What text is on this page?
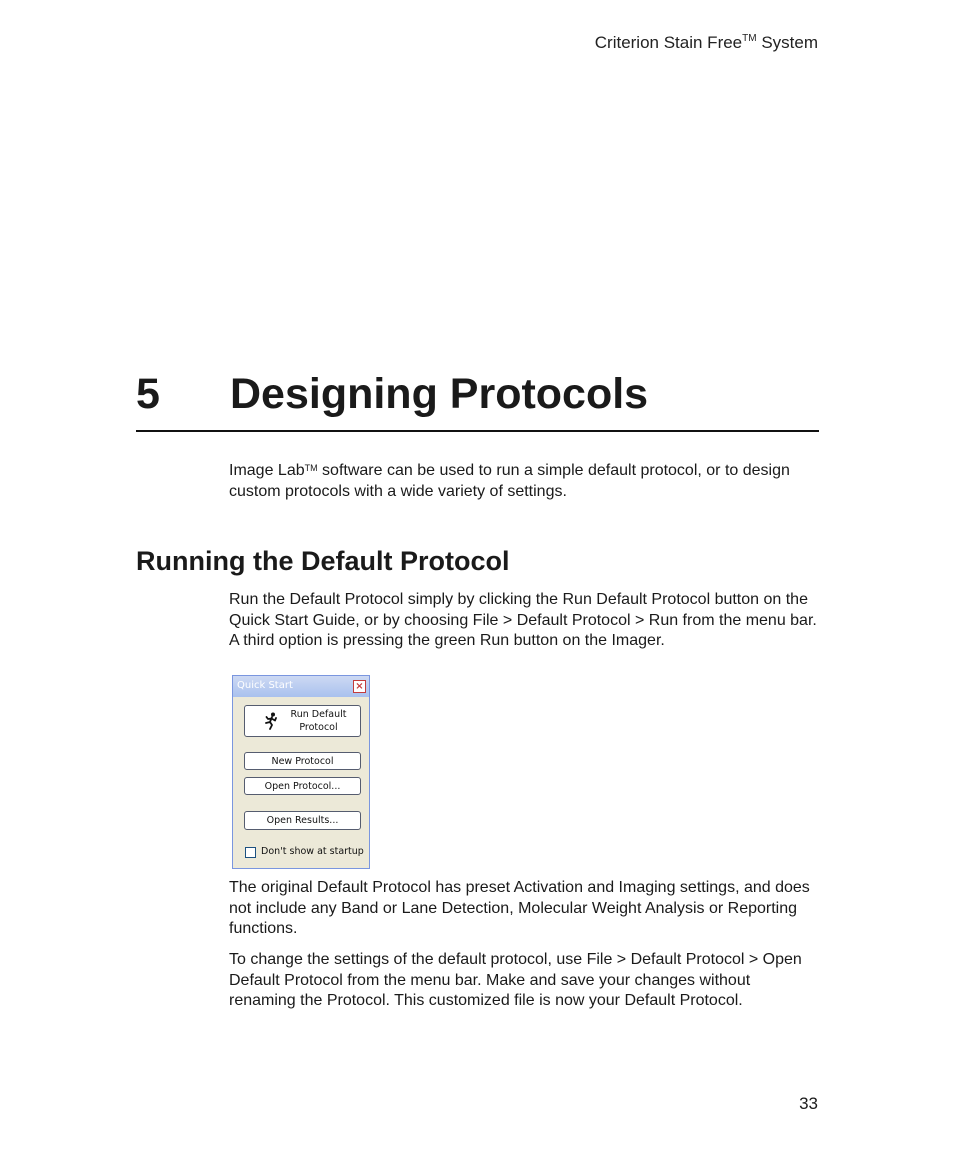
Criterion Stain Free™ System
5 Designing Protocols
Image Lab™ software can be used to run a simple default protocol, or to design custom protocols with a wide variety of settings.
Running the Default Protocol
Run the Default Protocol simply by clicking the Run Default Protocol button on the Quick Start Guide, or by choosing File > Default Protocol > Run from the menu bar. A third option is pressing the green Run button on the Imager.
Quick Start	×
Run Default
Protocol
New Protocol
Open Protocol...
Open Results...
Don't show at startup
The original Default Protocol has preset Activation and Imaging settings, and does not include any Band or Lane Detection, Molecular Weight Analysis or Reporting functions.
To change the settings of the default protocol, use File > Default Protocol > Open Default Protocol from the menu bar. Make and save your changes without renaming the Protocol. This customized file is now your Default Protocol.
33
